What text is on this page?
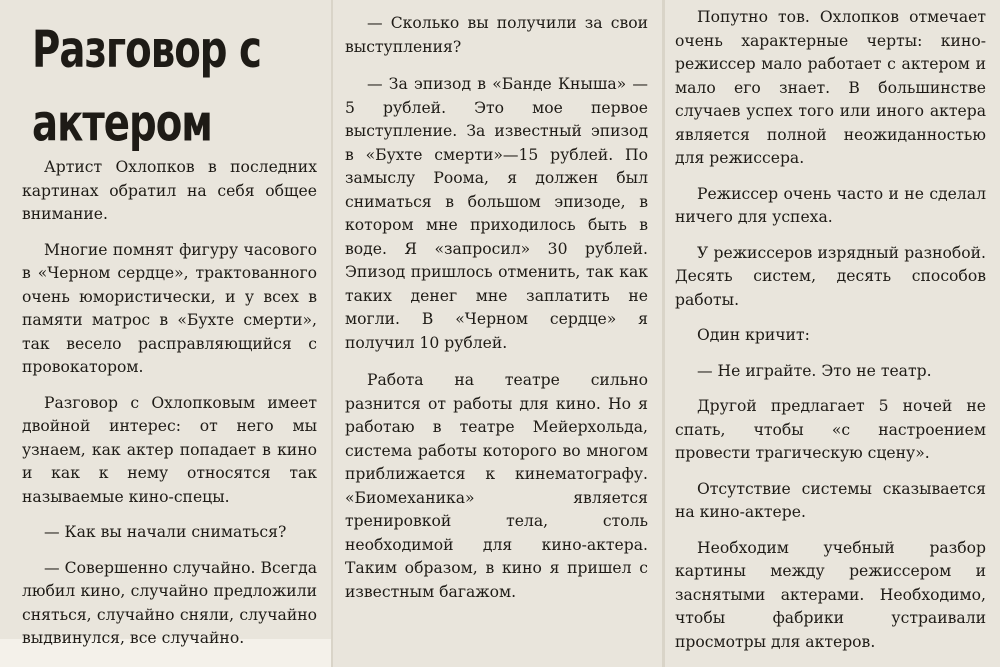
Разговор с актером

Артист Охлопков в последних картинах обратил на себя общее внимание.

Многие помнят фигуру часового в «Черном сердце», трактованного очень юмористически, и у всех в памяти матрос в «Бухте смерти», так весело расправляющийся с провокатором.

Разговор с Охлопковым имеет двойной интерес: от него мы узнаем, как актер попадает в кино и как к нему относятся так называемые кино-спецы.

— Как вы начали сниматься?

— Совершенно случайно. Всегда любил кино, случайно предложили сняться, случайно сняли, случайно выдвинулся, все случайно.

— Сколько вы получили за свои выступления?

— За эпизод в «Банде Кныша» — 5 рублей. Это мое первое выступление. За известный эпизод в «Бухте смерти»—15 рублей. По замыслу Роома, я должен был сниматься в большом эпизоде, в котором мне приходилось быть в воде. Я «запросил» 30 рублей. Эпизод пришлось отменить, так как таких денег мне заплатить не могли. В «Черном сердце» я получил 10 рублей.

Работа на театре сильно разнится от работы для кино. Но я работаю в театре Мейерхольда, система работы которого во многом приближается к кинематографу. «Биомеханика» является тренировкой тела, столь необходимой для кино-актера. Таким образом, в кино я пришел с известным багажом.

Попутно тов. Охлопков отмечает очень характерные черты: кино-режиссер мало работает с актером и мало его знает. В большинстве случаев успех того или иного актера является полной неожиданностью для режиссера.

Режиссер очень часто и не сделал ничего для успеха.

У режиссеров изрядный разнобой. Десять систем, десять способов работы.

Один кричит:

— Не играйте. Это не театр.

Другой предлагает 5 ночей не спать, чтобы «с настроением провести трагическую сцену».

Отсутствие системы сказывается на кино-актере.

Необходим учебный разбор картины между режиссером и заснятыми актерами. Необходимо, чтобы фабрики устраивали просмотры для актеров.
